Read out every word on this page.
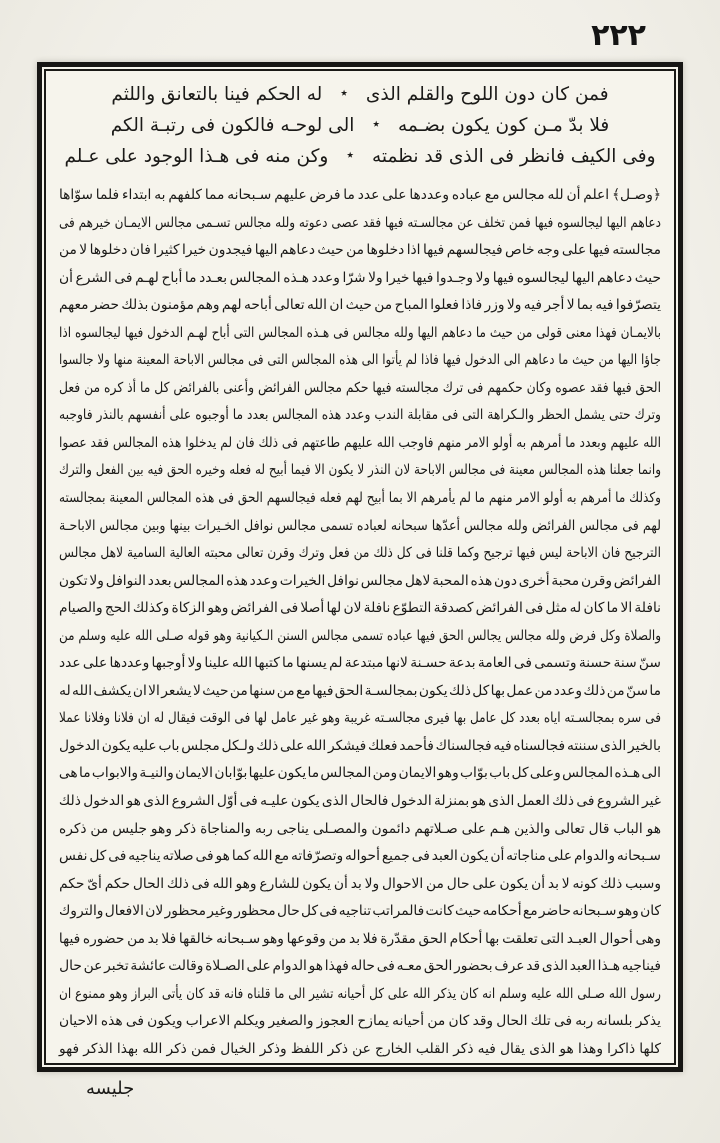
٢٢٢
فمن كان دون اللوح والقلم الذى
٭
له الحكم فينا بالتعانق واللثم
فلا بدّ مـن كون يكون بضـمه
٭
الى لوحـه فالكون فى رتبـة الكم
وفى الكيف فانظر فى الذى قد نظمته
٭
وكن منه فى هـذا الوجود على عـلم
﴿وصـل﴾ اعلم أن لله مجالس مع عباده وعددها على عدد ما فرض عليهم سـبحانه مما كلفهم به ابتداء فلما سوّاها
دعاهم اليها ليجالسوه فيها فمن تخلف عن مجالسـته فيها فقد عصى دعوته ولله مجالس تسـمى مجالس الايمـان خيرهم فى
مجالسته فيها على وجه خاص فيجالسهم فيها اذا دخلوها من حيث دعاهم اليها فيجدون خيرا كثيرا فان دخلوها لا من
حيث دعاهم اليها ليجالسوه فيها ولا وجـدوا فيها خيرا ولا شرّا وعدد هـذه المجالس بعـدد ما أباح لهـم فى الشرع أن
يتصرّفوا فيه بما لا أجر فيه ولا وزر فاذا فعلوا المباح من حيث ان الله تعالى أباحه لهم وهم مؤمنون بذلك حضر معهم
بالايمـان فهذا معنى قولى من حيث ما دعاهم اليها ولله مجالس فى هـذه المجالس التى أباح لهـم الدخول فيها ليجالسوه اذا
جاؤا اليها من حيث ما دعاهم الى الدخول فيها فاذا لم يأتوا الى هذه المجالس التى فى مجالس الاباحة المعينة منها ولا جالسوا
الحق فيها فقد عصوه وكان حكمهم فى ترك مجالسته فيها حكم مجالس الفرائض وأعنى بالفرائض كل ما أذ كره من فعل
وترك حتى يشمل الحظر والـكراهة التى فى مقابلة الندب وعدد هذه المجالس بعدد ما أوجبوه على أنفسهم بالنذر فاوجبه
الله عليهم وبعدد ما أمرهم به أولو الامر منهم فاوجب الله عليهم طاعتهم فى ذلك فان لم يدخلوا هذه المجالس فقد عصوا
وانما جعلنا هذه المجالس معينة فى مجالس الاباحة لان النذر لا يكون الا فيما أبيح له فعله وخيره الحق فيه بين الفعل والترك
وكذلك ما أمرهم به أولو الامر منهم ما لم يأمرهم الا بما أبيح لهم فعله فيجالسهم الحق فى هذه المجالس المعينة بمجالسته
لهم فى مجالس الفرائض ولله مجالس أعدّها سبحانه لعباده تسمى مجالس نوافل الخـيرات بينها وبين مجالس الاباحـة
الترجيح فان الاباحة ليس فيها ترجيح وكما قلنا فى كل ذلك من فعل وترك وقرن تعالى محبته العالية السامية لاهل مجالس
الفرائض وقرن محبة أخرى دون هذه المحبة لاهل مجالس نوافل الخيرات وعدد هذه المجالس بعدد النوافل ولا تكون
نافلة الا ما كان له مثل فى الفرائض كصدقة التطوّع نافلة لان لها أصلا فى الفرائض وهو الزكاة وكذلك الحج والصيام
والصلاة وكل فرض ولله مجالس يجالس الحق فيها عباده تسمى مجالس السنن الـكيانية وهو قوله صـلى الله عليه وسلم من
سنّ سنة حسنة وتسمى فى العامة بدعة حسـنة لانها مبتدعة لم يسنها ما كتبها الله علينا ولا أوجبها وعددها على عدد
ما سنّ من ذلك وعدد من عمل بها كل ذلك يكون بمجالسـة الحق فيها مع من سنها من حيث لا يشعر الا ان يكشف الله له
فى سره بمجالسـته اياه بعدد كل عامل بها فيرى مجالسـته غريبة وهو غير عامل لها فى الوقت فيقال له ان فلانا وفلانا عملا
بالخير الذى سننته فجالسناه فيه فجالسناك فأحمد فعلك فيشكر الله على ذلك ولـكل مجلس باب عليه يكون الدخول
الى هـذه المجالس وعلى كل باب بوّاب وهو الايمان ومن المجالس ما يكون عليها بوّابان الايمان والنيـة والابواب ما هى
غير الشروع فى ذلك العمل الذى هو بمنزلة الدخول فالحال الذى يكون عليـه فى أوّل الشروع الذى هو الدخول ذلك
هو الباب قال تعالى والذين هـم على صـلاتهم دائمون والمصـلى يناجى ربه والمناجاة ذكر وهو جليس من ذكره
سـبحانه والدوام على مناجاته أن يكون العبد فى جميع أحواله وتصرّفاته مع الله كما هو فى صلاته يناجيه فى كل نفس
وسبب ذلك كونه لا بد أن يكون على حال من الاحوال ولا بد أن يكون للشارع وهو الله فى ذلك الحال حكم أىّ حكم
كان وهو سـبحانه حاضر مع أحكامه حيث كانت فالمراتب تناجيه فى كل حال محظور وغير محظور لان الافعال والتروك
وهى أحوال العبـد التى تعلقت بها أحكام الحق مقدّرة فلا بد من وقوعها وهو سـبحانه خالقها فلا بد من حضوره فيها
فيناجيه هـذا العبد الذى قد عرف بحضور الحق معـه فى حاله فهذا هو الدوام على الصـلاة وقالت عائشة تخبر عن حال
رسول الله صـلى الله عليه وسلم انه كان يذكر الله على كل أحيانه تشير الى ما قلناه فانه قد كان يأتى البراز وهو ممنوع ان
يذكر بلسانه ربه فى تلك الحال وقد كان من أحيانه يمازح العجوز والصغير ويكلم الاعراب ويكون فى هذه الاحيان
كلها ذاكرا وهذا هو الذى يقال فيه ذكر القلب الخارج عن ذكر اللفظ وذكر الخيال فمن ذكر الله بهذا الذكر فهو
جليسه
